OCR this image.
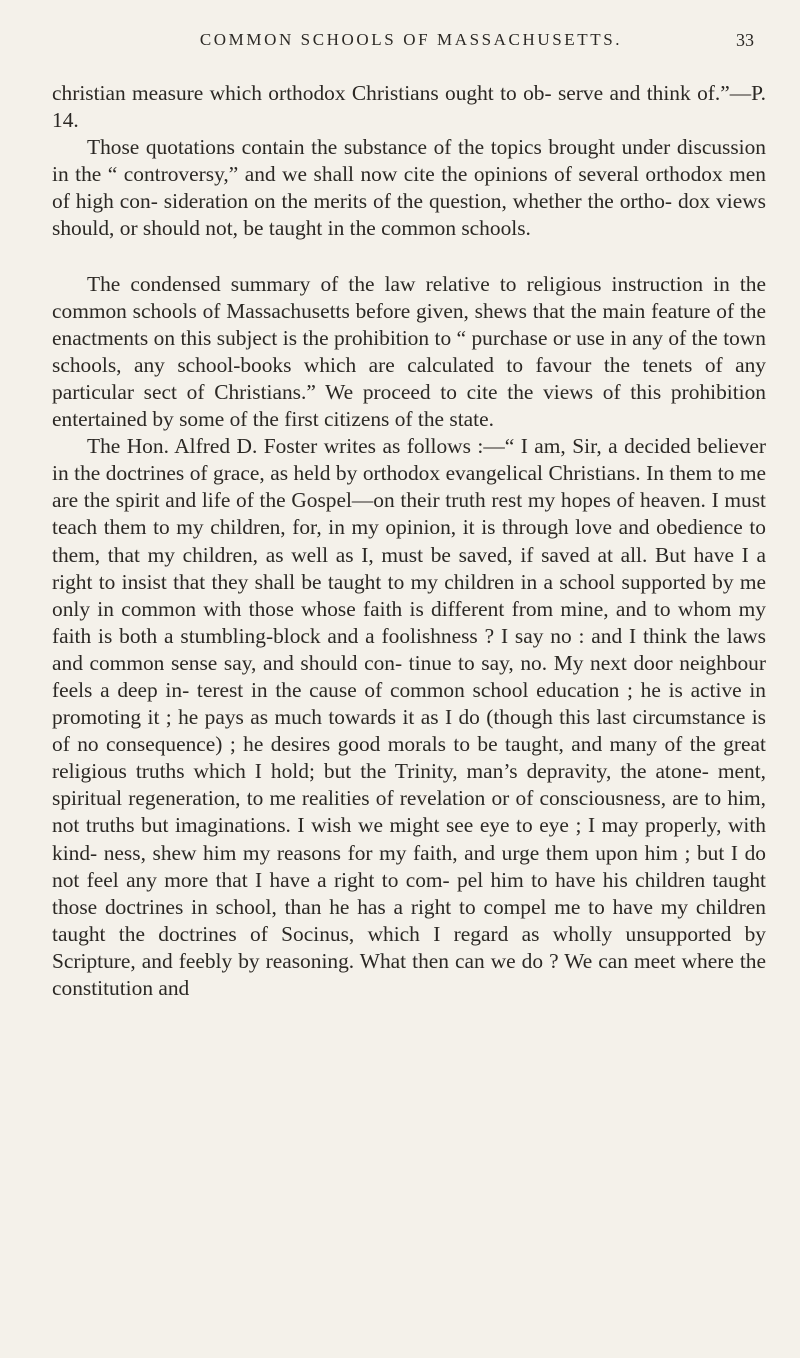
COMMON SCHOOLS OF MASSACHUSETTS.	33

christian measure which orthodox Christians ought to ob- serve and think of.”—P. 14.

Those quotations contain the substance of the topics brought under discussion in the “ controversy,” and we shall now cite the opinions of several orthodox men of high con- sideration on the merits of the question, whether the ortho- dox views should, or should not, be taught in the common schools.

The condensed summary of the law relative to religious instruction in the common schools of Massachusetts before given, shews that the main feature of the enactments on this subject is the prohibition to “ purchase or use in any of the town schools, any school-books which are calculated to favour the tenets of any particular sect of Christians.” We proceed to cite the views of this prohibition entertained by some of the first citizens of the state.

The Hon. Alfred D. Foster writes as follows :—“ I am, Sir, a decided believer in the doctrines of grace, as held by orthodox evangelical Christians. In them to me are the spirit and life of the Gospel—on their truth rest my hopes of heaven. I must teach them to my children, for, in my opinion, it is through love and obedience to them, that my children, as well as I, must be saved, if saved at all. But have I a right to insist that they shall be taught to my children in a school supported by me only in common with those whose faith is different from mine, and to whom my faith is both a stumbling-block and a foolishness ? I say no : and I think the laws and common sense say, and should con- tinue to say, no. My next door neighbour feels a deep in- terest in the cause of common school education ; he is active in promoting it ; he pays as much towards it as I do (though this last circumstance is of no consequence) ; he desires good morals to be taught, and many of the great religious truths which I hold; but the Trinity, man’s depravity, the atone- ment, spiritual regeneration, to me realities of revelation or of consciousness, are to him, not truths but imaginations. I wish we might see eye to eye ; I may properly, with kind- ness, shew him my reasons for my faith, and urge them upon him ; but I do not feel any more that I have a right to com- pel him to have his children taught those doctrines in school, than he has a right to compel me to have my children taught the doctrines of Socinus, which I regard as wholly unsupported by Scripture, and feebly by reasoning. What then can we do ? We can meet where the constitution and
